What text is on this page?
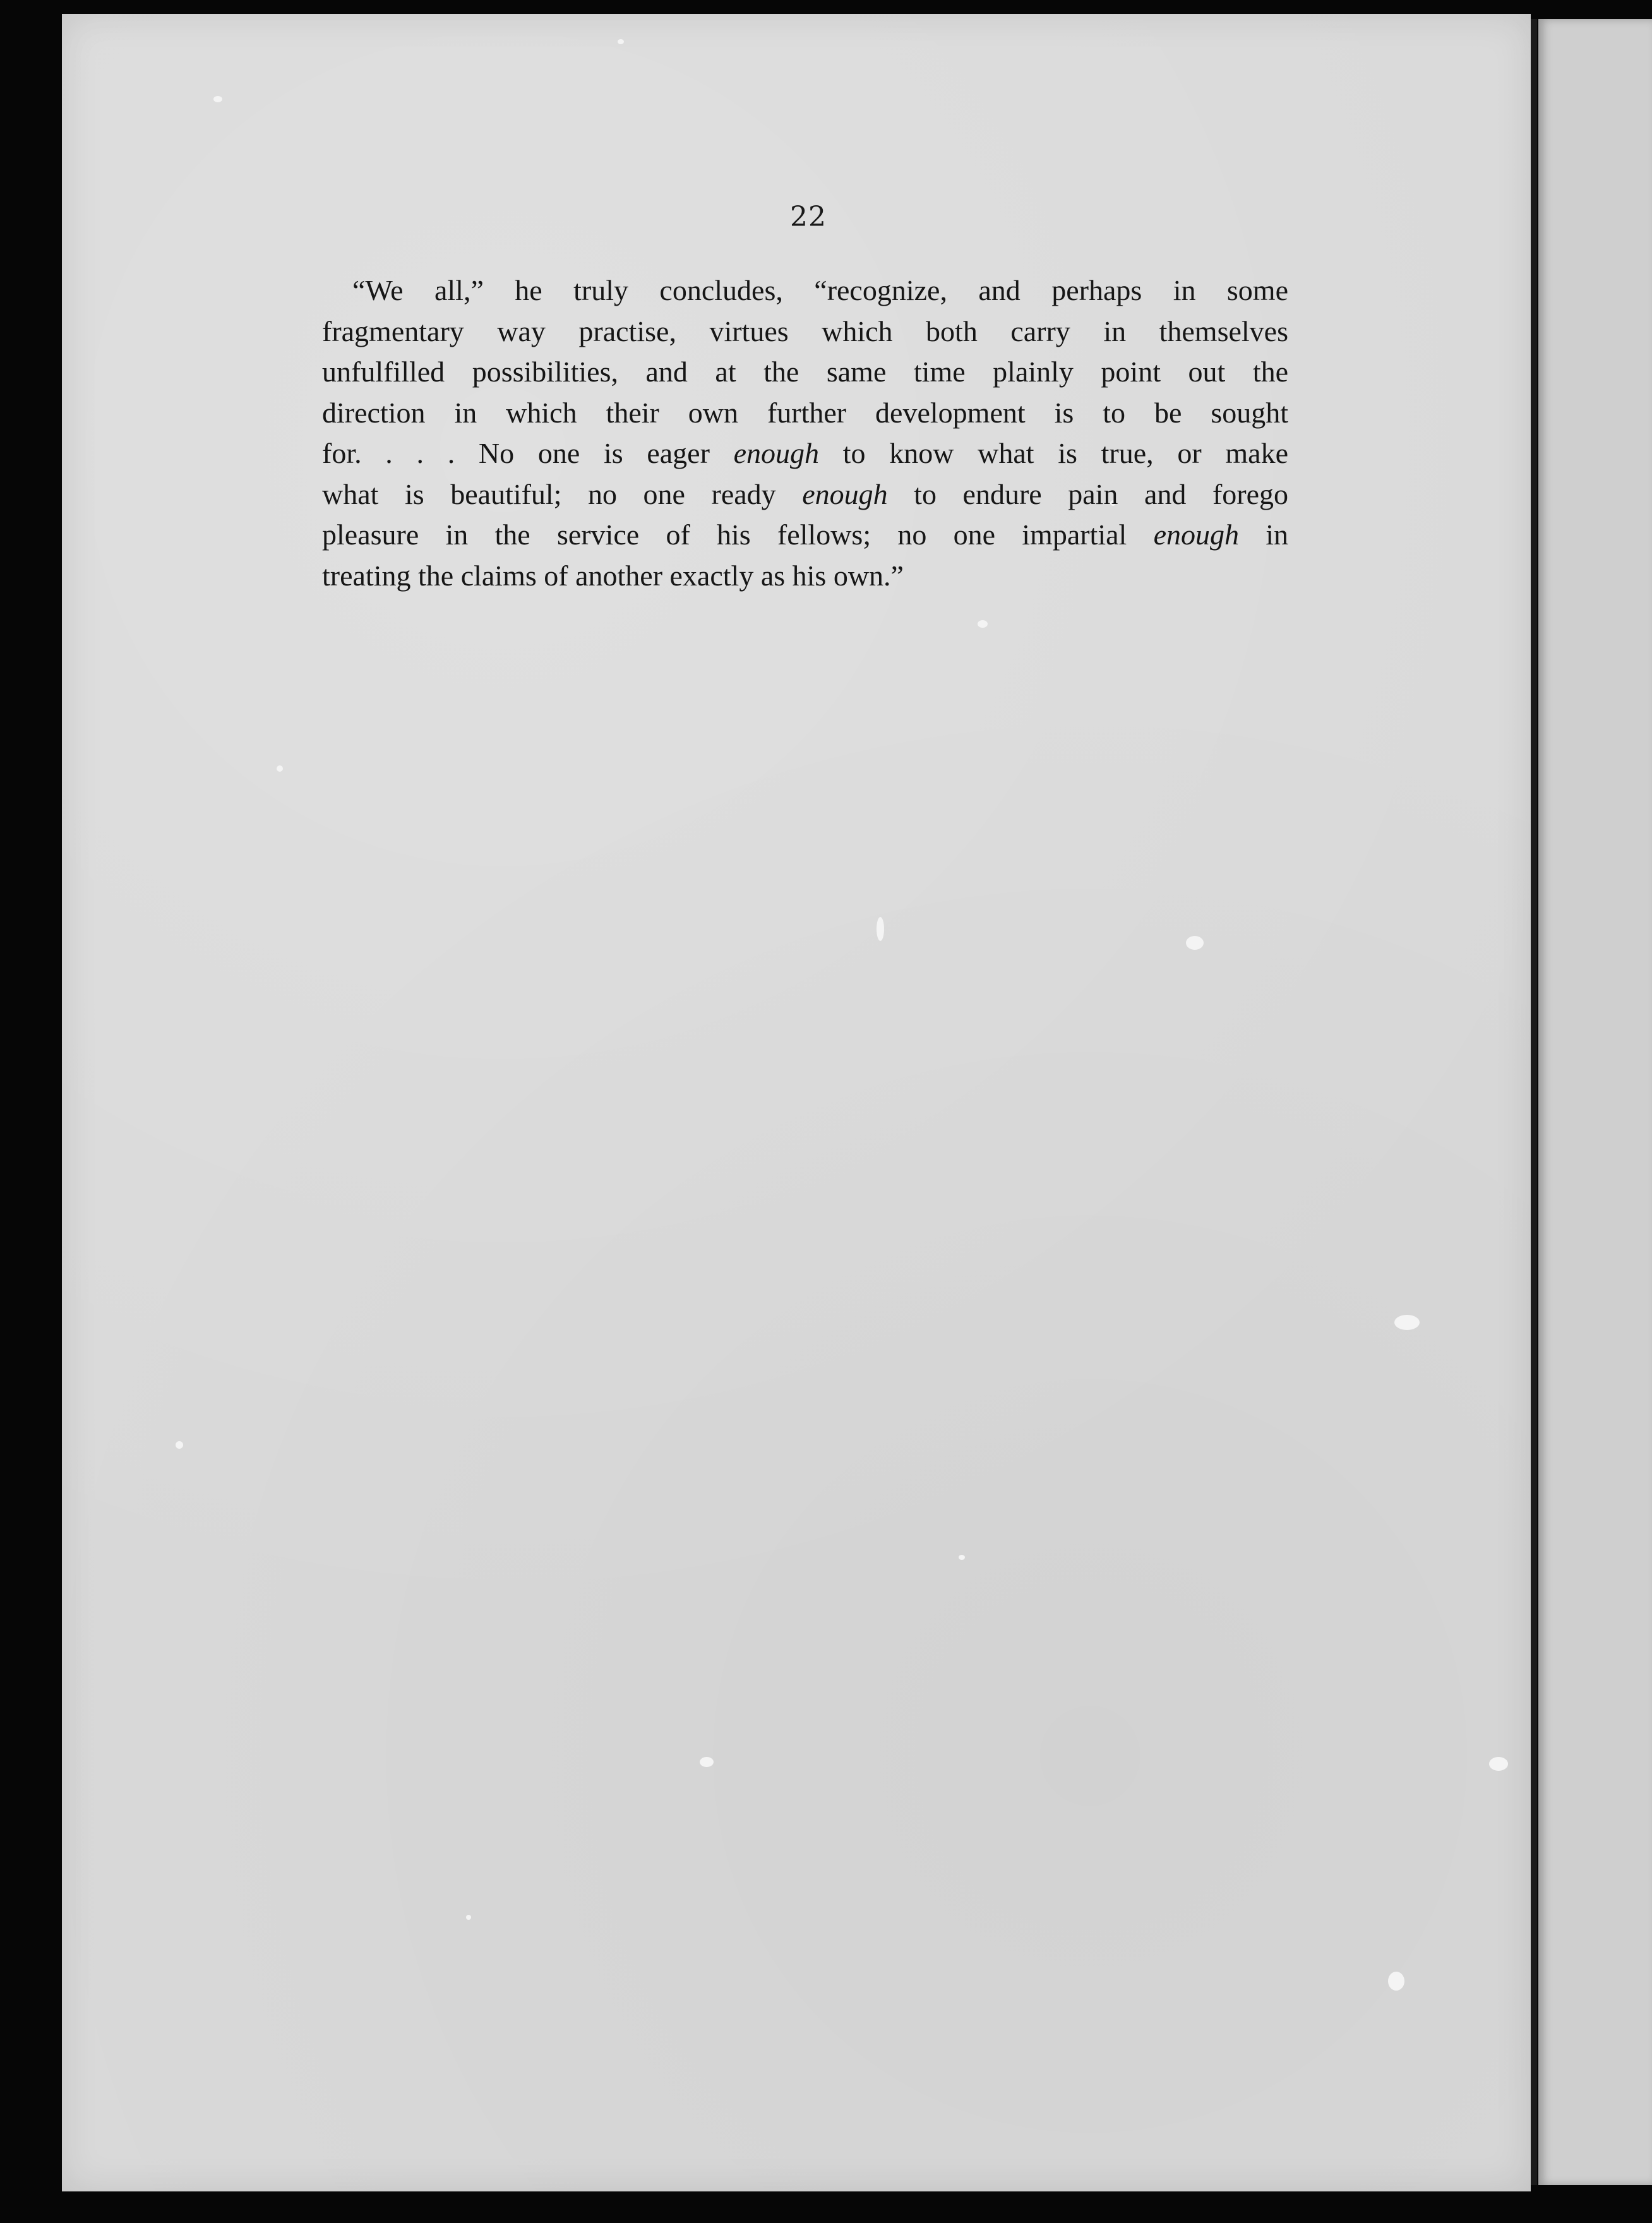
22
“We all,” he truly concludes, “recognize, and perhaps in some
fragmentary way practise, virtues which both carry in themselves
unfulfilled possibilities, and at the same time plainly point out the
direction in which their own further development is to be sought
for. . . . No one is eager enough to know what is true, or make
what is beautiful; no one ready enough to endure pain and forego
pleasure in the service of his fellows; no one impartial enough in
treating the claims of another exactly as his own.”
